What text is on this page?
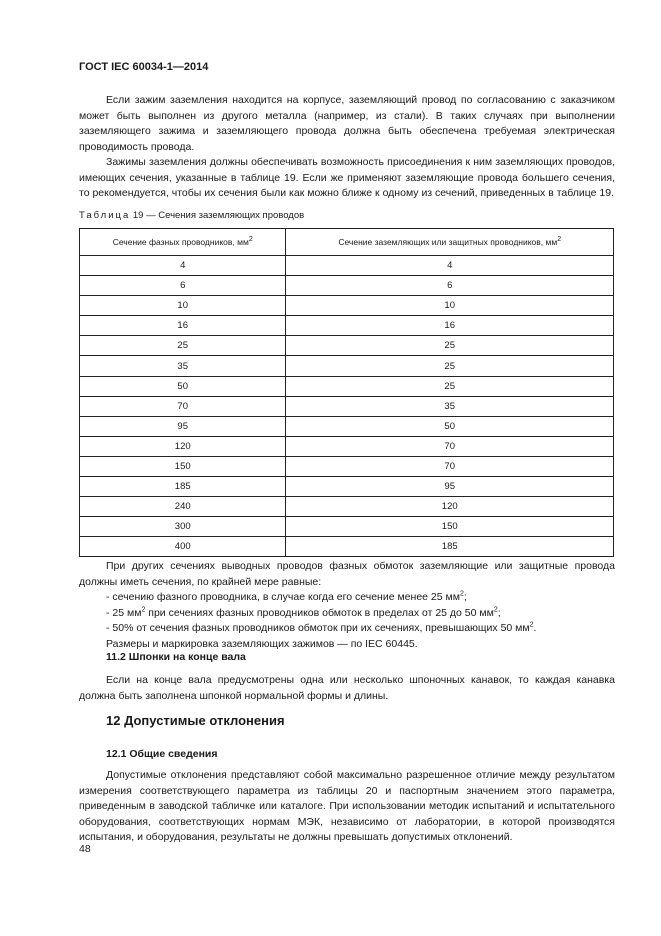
ГОСТ IEC 60034-1—2014
Если зажим заземления находится на корпусе, заземляющий провод по согласованию с заказчиком может быть выполнен из другого металла (например, из стали). В таких случаях при выполнении заземляющего зажима и заземляющего провода должна быть обеспечена требуемая электрическая проводимость провода.
Зажимы заземления должны обеспечивать возможность присоединения к ним заземляющих проводов, имеющих сечения, указанные в таблице 19. Если же применяют заземляющие провода большего сечения, то рекомендуется, чтобы их сечения были как можно ближе к одному из сечений, приведенных в таблице 19.
Таблица 19 — Сечения заземляющих проводов
Сечение фазных проводников, $мм^2$	Сечение заземляющих или защитных проводников, $мм^2$
4	4
6	6
10	10
16	16
25	25
35	25
50	25
70	35
95	50
120	70
150	70
185	95
240	120
300	150
400	185
При других сечениях выводных проводов фазных обмоток заземляющие или защитные провода должны иметь сечения, по крайней мере равные:
- сечению фазного проводника, в случае когда его сечение менее 25 $мм^2$;
- 25 $мм^2$ при сечениях фазных проводников обмоток в пределах от 25 до 50 $мм^2$;
- 50% от сечения фазных проводников обмоток при их сечениях, превышающих 50 $мм^2$.
Размеры и маркировка заземляющих зажимов — по IEC 60445.
11.2 Шпонки на конце вала
Если на конце вала предусмотрены одна или несколько шпоночных канавок, то каждая канавка должна быть заполнена шпонкой нормальной формы и длины.
12 Допустимые отклонения
12.1 Общие сведения
Допустимые отклонения представляют собой максимально разрешенное отличие между результатом измерения соответствующего параметра из таблицы 20 и паспортным значением этого параметра, приведенным в заводской табличке или каталоге. При использовании методик испытаний и испытательного оборудования, соответствующих нормам МЭК, независимо от лаборатории, в которой производятся испытания, и оборудования, результаты не должны превышать допустимых отклонений.
48
